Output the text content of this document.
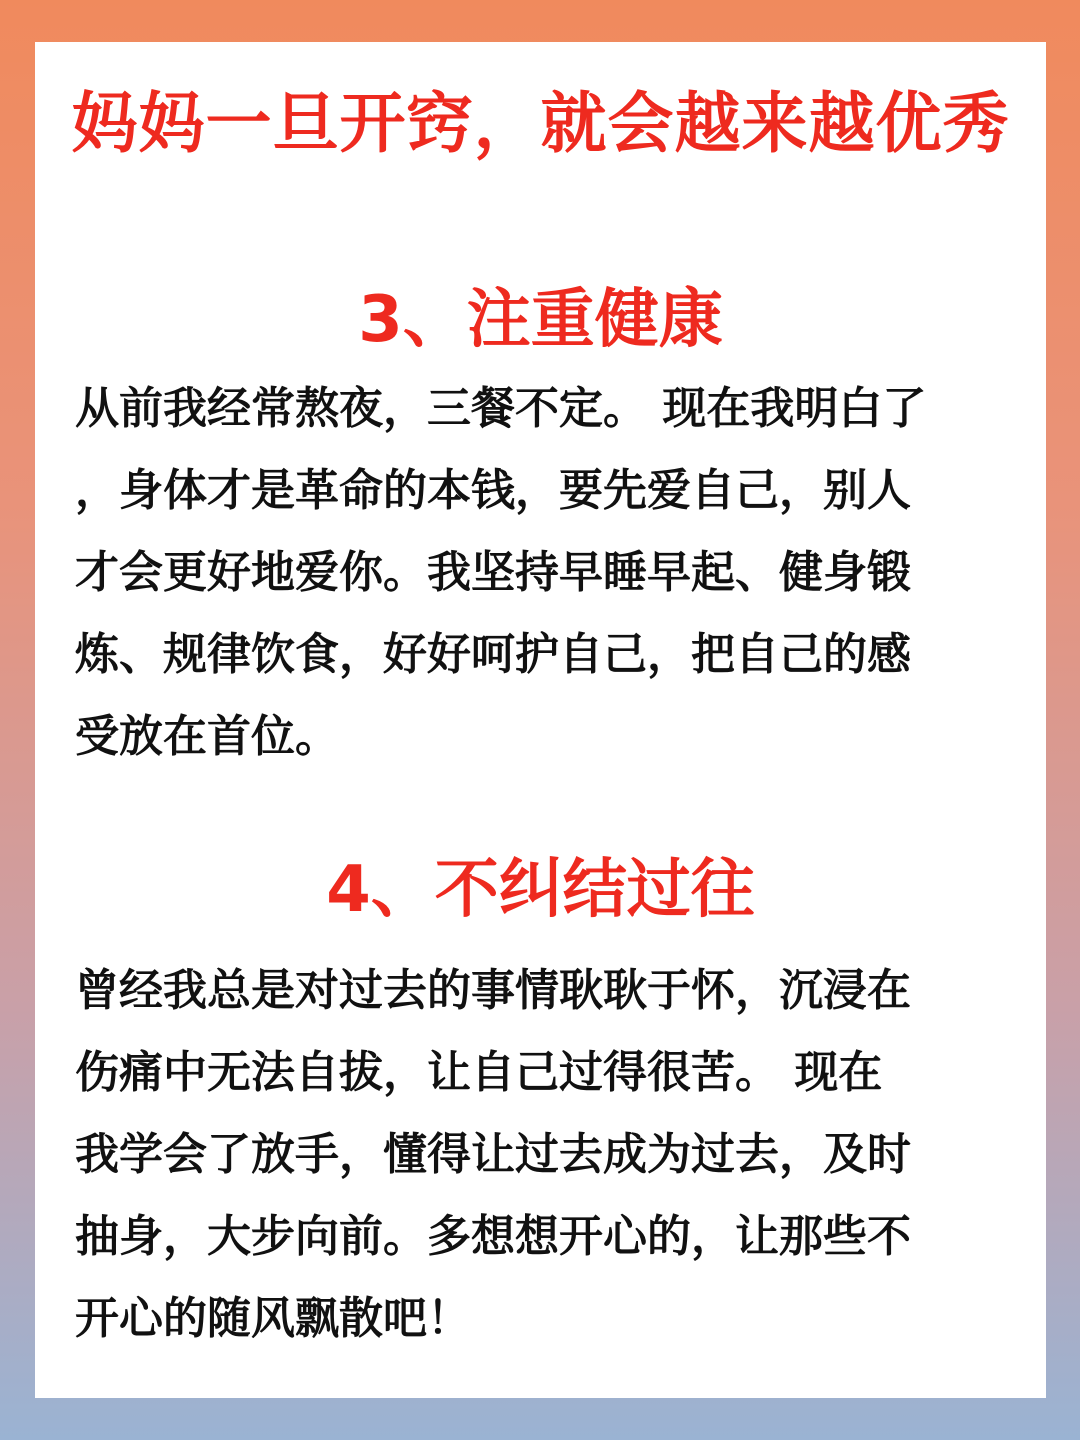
妈妈一旦开窍，就会越来越优秀
3、注重健康
从前我经常熬夜，三餐不定。 现在我明白了
，身体才是革命的本钱，要先爱自己，别人
才会更好地爱你。我坚持早睡早起、健身锻
炼、规律饮食，好好呵护自己，把自己的感
受放在首位。
4、不纠结过往
曾经我总是对过去的事情耿耿于怀，沉浸在
伤痛中无法自拔，让自己过得很苦。 现在
我学会了放手，懂得让过去成为过去，及时
抽身，大步向前。多想想开心的，让那些不
开心的随风飘散吧！
